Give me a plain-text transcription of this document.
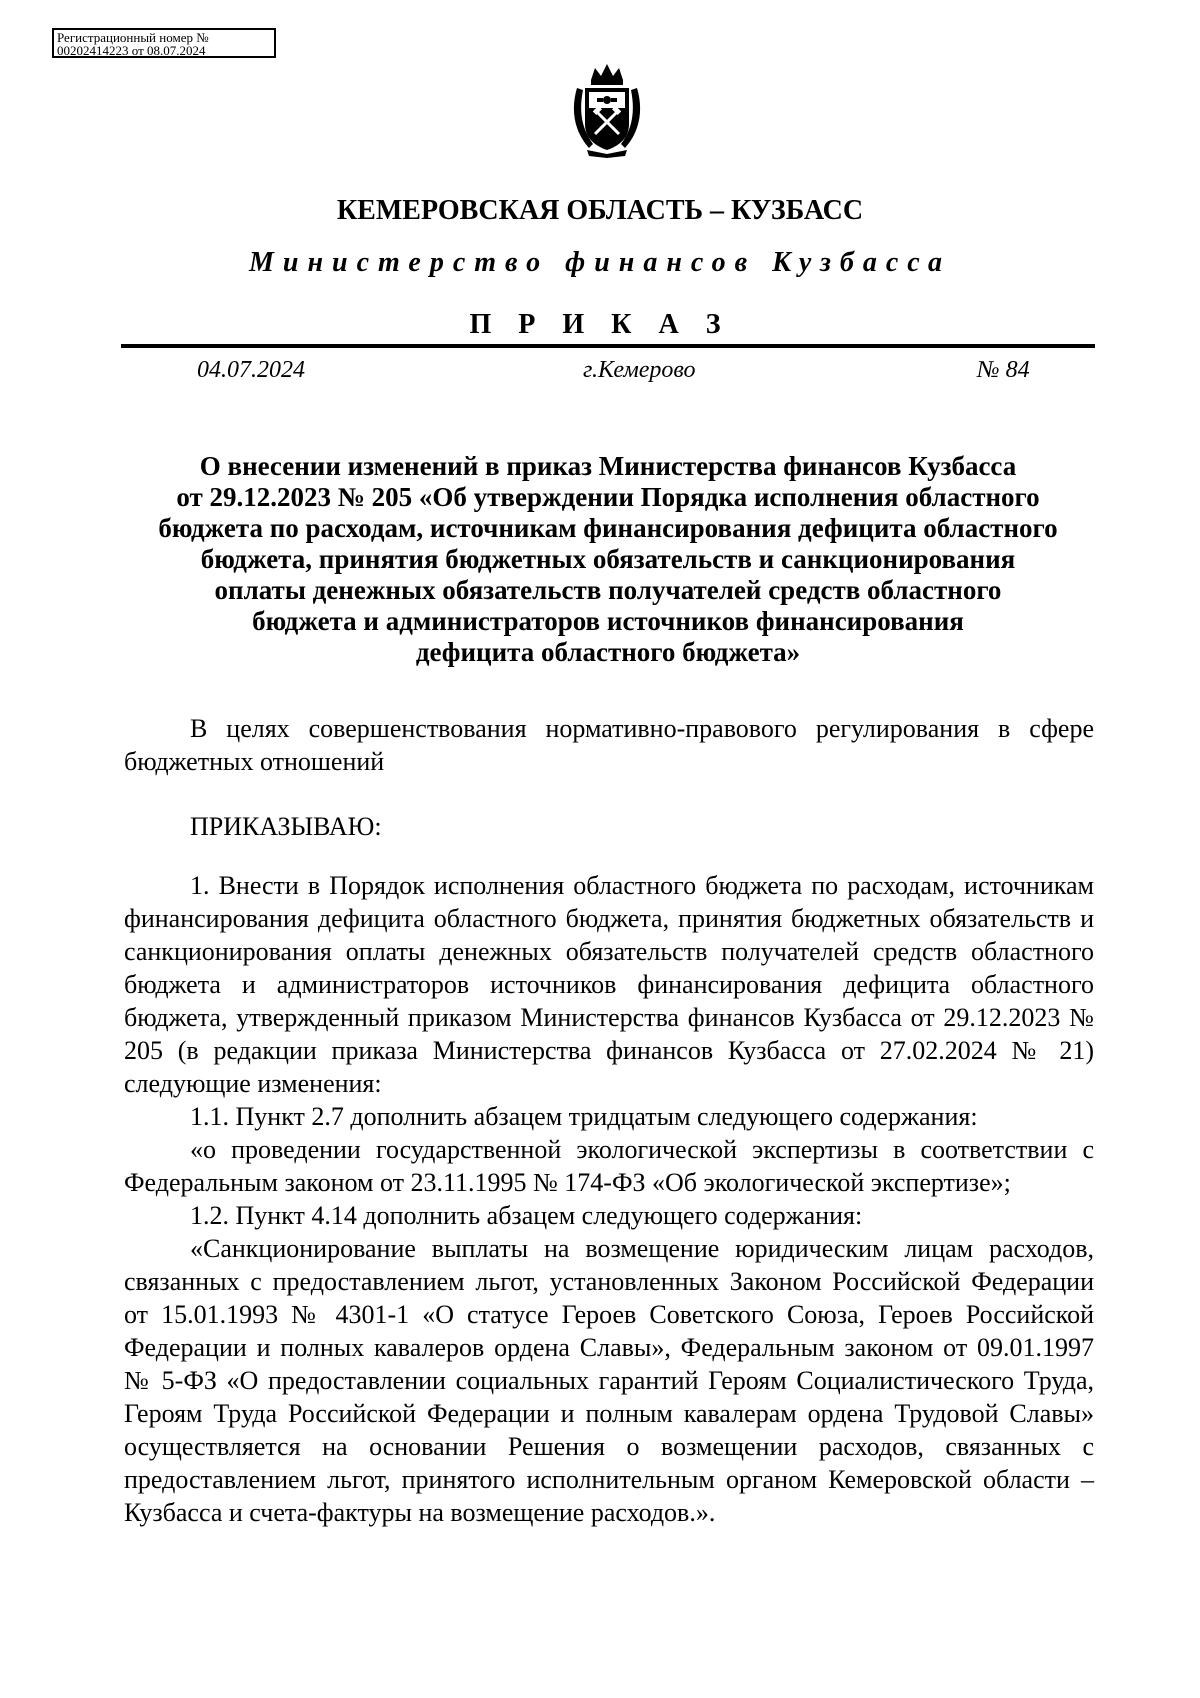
Регистрационный номер №
00202414223 от 08.07.2024
КЕМЕРОВСКАЯ ОБЛАСТЬ – КУЗБАСС
Министерство финансов Кузбасса
П Р И К А З
04.07.2024	г.Кемерово	№ 84
О внесении изменений в приказ Министерства финансов Кузбасса
от 29.12.2023 № 205 «Об утверждении Порядка исполнения областного
бюджета по расходам, источникам финансирования дефицита областного
бюджета, принятия бюджетных обязательств и санкционирования
оплаты денежных обязательств получателей средств областного
бюджета и администраторов источников финансирования
дефицита областного бюджета»
В целях совершенствования нормативно-правового регулирования в сфере бюджетных отношений
ПРИКАЗЫВАЮ:

1. Внести в Порядок исполнения областного бюджета по расходам, источникам финансирования дефицита областного бюджета, принятия бюджетных обязательств и санкционирования оплаты денежных обязательств получателей средств областного бюджета и администраторов источников финансирования дефицита областного бюджета, утвержденный приказом Министерства финансов Кузбасса от 29.12.2023 № 205 (в редакции приказа Министерства финансов Кузбасса от 27.02.2024 № 21) следующие изменения:

1.1. Пункт 2.7 дополнить абзацем тридцатым следующего содержания:

«о проведении государственной экологической экспертизы в соответствии с Федеральным законом от 23.11.1995 № 174-ФЗ «Об экологической экспертизе»;

1.2. Пункт 4.14 дополнить абзацем следующего содержания:

«Санкционирование выплаты на возмещение юридическим лицам расходов, связанных с предоставлением льгот, установленных Законом Российской Федерации от 15.01.1993 № 4301-1 «О статусе Героев Советского Союза, Героев Российской Федерации и полных кавалеров ордена Славы», Федеральным законом от 09.01.1997 № 5-ФЗ «О предоставлении социальных гарантий Героям Социалистического Труда, Героям Труда Российской Федерации и полным кавалерам ордена Трудовой Славы» осуществляется на основании Решения о возмещении расходов, связанных с предоставлением льгот, принятого исполнительным органом Кемеровской области – Кузбасса и счета-фактуры на возмещение расходов.».
